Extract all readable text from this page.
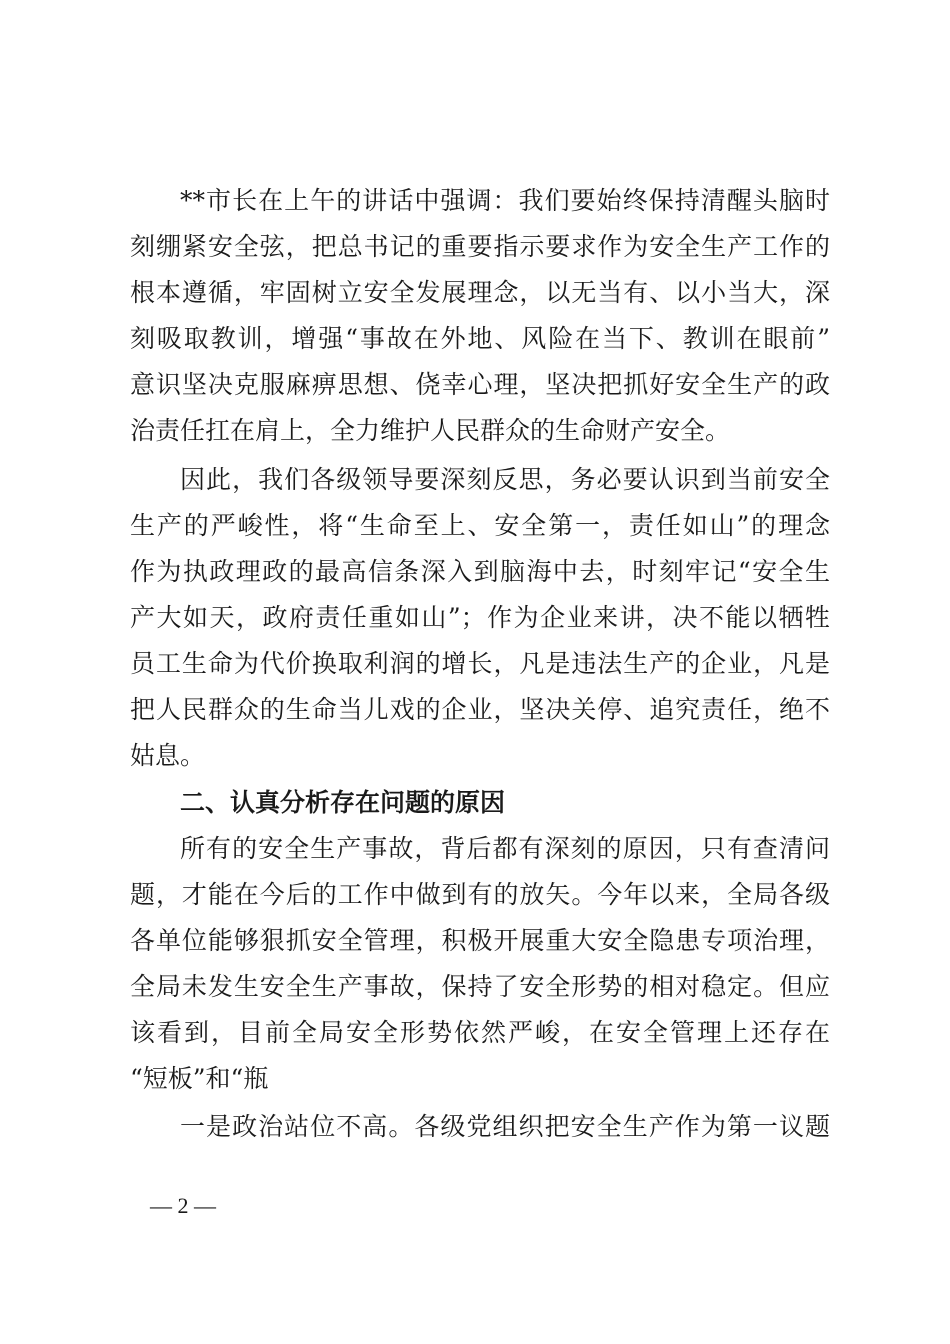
**市长在上午的讲话中强调：我们要始终保持清醒头脑时
刻绷紧安全弦，把总书记的重要指示要求作为安全生产工作的
根本遵循，牢固树立安全发展理念，以无当有、以小当大，深
刻吸取教训，增强“事故在外地、风险在当下、教训在眼前”
意识坚决克服麻痹思想、侥幸心理，坚决把抓好安全生产的政
治责任扛在肩上，全力维护人民群众的生命财产安全。
因此，我们各级领导要深刻反思，务必要认识到当前安全
生产的严峻性，将“生命至上、安全第一，责任如山”的理念
作为执政理政的最高信条深入到脑海中去，时刻牢记“安全生
产大如天，政府责任重如山”；作为企业来讲，决不能以牺牲
员工生命为代价换取利润的增长，凡是违法生产的企业，凡是
把人民群众的生命当儿戏的企业，坚决关停、追究责任，绝不
姑息。
二、认真分析存在问题的原因
所有的安全生产事故，背后都有深刻的原因，只有查清问
题，才能在今后的工作中做到有的放矢。今年以来，全局各级
各单位能够狠抓安全管理，积极开展重大安全隐患专项治理，
全局未发生安全生产事故，保持了安全形势的相对稳定。但应
该看到，目前全局安全形势依然严峻，在安全管理上还存在
“短板”和“瓶
一是政治站位不高。各级党组织把安全生产作为第一议题
— 2 —
